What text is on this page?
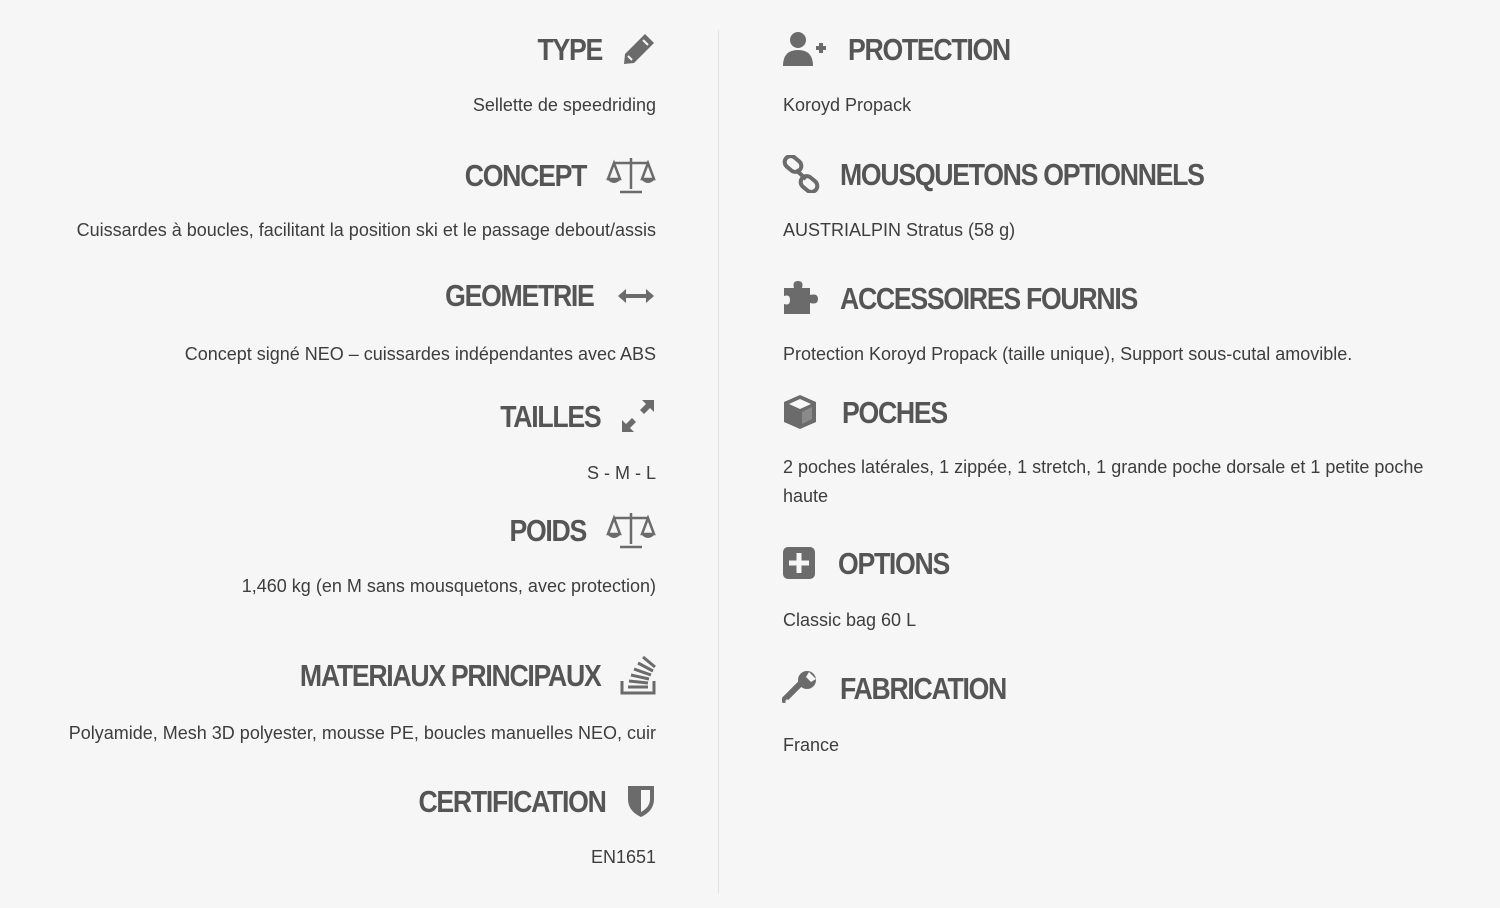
TYPE
Sellette de speedriding
CONCEPT
Cuissardes à boucles, facilitant la position ski et le passage debout/assis
GEOMETRIE
Concept signé NEO – cuissardes indépendantes avec ABS
TAILLES
S - M - L
POIDS
1,460 kg (en M sans mousquetons, avec protection)
MATERIAUX PRINCIPAUX
Polyamide, Mesh 3D polyester, mousse PE, boucles manuelles NEO, cuir
CERTIFICATION
EN1651
PROTECTION
Koroyd Propack
MOUSQUETONS OPTIONNELS
AUSTRIALPIN Stratus (58 g)
ACCESSOIRES FOURNIS
Protection Koroyd Propack (taille unique), Support sous-cutal amovible.
POCHES
2 poches latérales, 1 zippée, 1 stretch, 1 grande poche dorsale et 1 petite poche haute
OPTIONS
Classic bag 60 L
FABRICATION
France
